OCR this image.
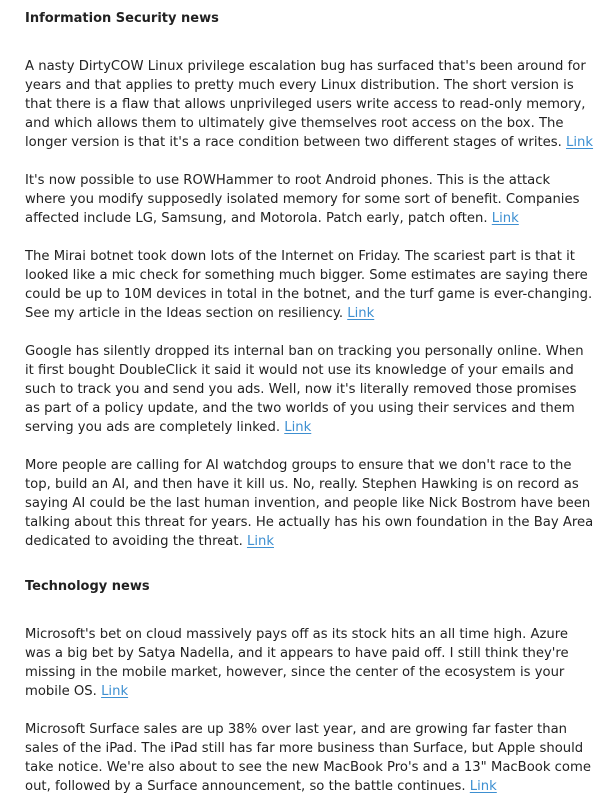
Information Security news

A nasty DirtyCOW Linux privilege escalation bug has surfaced that's been around for years and that applies to pretty much every Linux distribution. The short version is that there is a flaw that allows unprivileged users write access to read-only memory, and which allows them to ultimately give themselves root access on the box. The longer version is that it's a race condition between two different stages of writes. Link

It's now possible to use ROWHammer to root Android phones. This is the attack where you modify supposedly isolated memory for some sort of benefit. Companies affected include LG, Samsung, and Motorola. Patch early, patch often. Link

The Mirai botnet took down lots of the Internet on Friday. The scariest part is that it looked like a mic check for something much bigger. Some estimates are saying there could be up to 10M devices in total in the botnet, and the turf game is ever-changing. See my article in the Ideas section on resiliency. Link

Google has silently dropped its internal ban on tracking you personally online. When it first bought DoubleClick it said it would not use its knowledge of your emails and such to track you and send you ads. Well, now it's literally removed those promises as part of a policy update, and the two worlds of you using their services and them serving you ads are completely linked. Link

More people are calling for AI watchdog groups to ensure that we don't race to the top, build an AI, and then have it kill us. No, really. Stephen Hawking is on record as saying AI could be the last human invention, and people like Nick Bostrom have been talking about this threat for years. He actually has his own foundation in the Bay Area dedicated to avoiding the threat. Link

Technology news

Microsoft's bet on cloud massively pays off as its stock hits an all time high. Azure was a big bet by Satya Nadella, and it appears to have paid off. I still think they're missing in the mobile market, however, since the center of the ecosystem is your mobile OS. Link

Microsoft Surface sales are up 38% over last year, and are growing far faster than sales of the iPad. The iPad still has far more business than Surface, but Apple should take notice. We're also about to see the new MacBook Pro's and a 13" MacBook come out, followed by a Surface announcement, so the battle continues. Link
